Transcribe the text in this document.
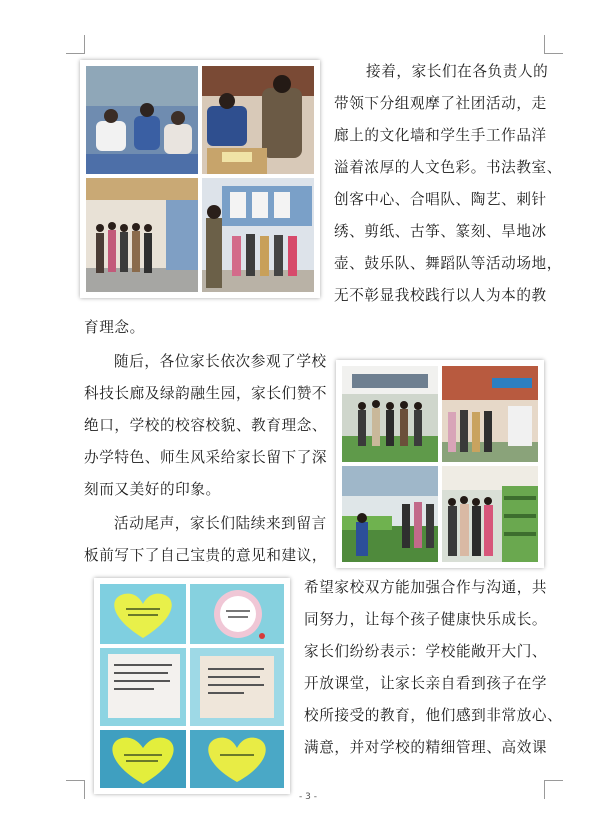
接着，家长们在各负责人的
带领下分组观摩了社团活动，走
廊上的文化墙和学生手工作品洋
溢着浓厚的人文色彩。书法教室、
创客中心、合唱队、陶艺、刺针
绣、剪纸、古筝、篆刻、旱地冰
壶、鼓乐队、舞蹈队等活动场地，
无不彰显我校践行以人为本的教
育理念。
随后，各位家长依次参观了学校
科技长廊及绿韵融生园，家长们赞不
绝口，学校的校容校貌、教育理念、
办学特色、师生风采给家长留下了深
刻而又美好的印象。
活动尾声，家长们陆续来到留言
板前写下了自己宝贵的意见和建议，
希望家校双方能加强合作与沟通，共
同努力，让每个孩子健康快乐成长。
家长们纷纷表示：学校能敞开大门、
开放课堂，让家长亲自看到孩子在学
校所接受的教育，他们感到非常放心、
满意，并对学校的精细管理、高效课
- 3 -
